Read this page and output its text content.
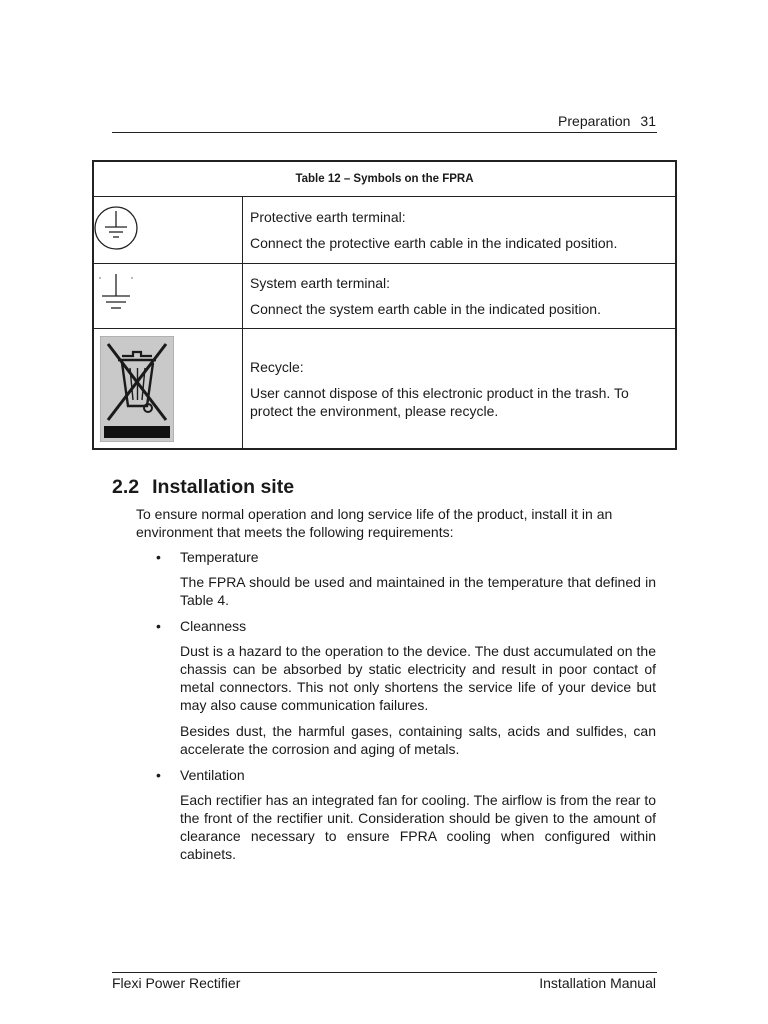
Preparation 31
Table 12 – Symbols on the FPRA	

Protective earth terminal:

Connect the protective earth cable in the indicated position.

System earth terminal:

Connect the system earth cable in the indicated position.

Recycle:

User cannot dispose of this electronic product in the trash. To protect the environment, please recycle.

2.2 Installation site

To ensure normal operation and long service life of the product, install it in an environment that meets the following requirements:

• Temperature

The FPRA should be used and maintained in the temperature that defined in Table 4.

• Cleanness

Dust is a hazard to the operation to the device. The dust accumulated on the chassis can be absorbed by static electricity and result in poor contact of metal connectors. This not only shortens the service life of your device but may also cause communication failures.

Besides dust, the harmful gases, containing salts, acids and sulfides, can accelerate the corrosion and aging of metals.

• Ventilation

Each rectifier has an integrated fan for cooling. The airflow is from the rear to the front of the rectifier unit. Consideration should be given to the amount of clearance necessary to ensure FPRA cooling when configured within cabinets.

Flexi Power Rectifier	Installation Manual
